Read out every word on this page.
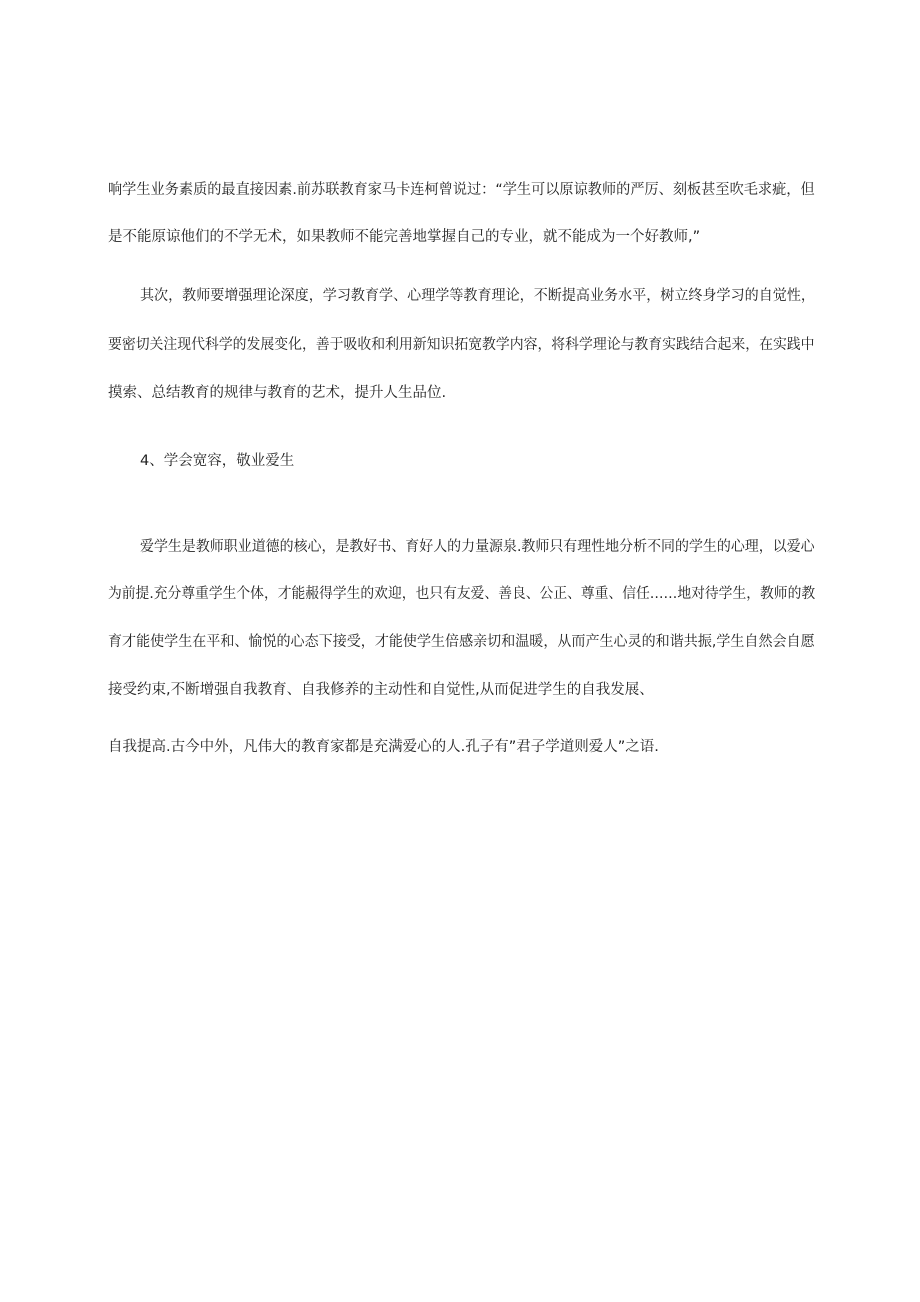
响学生业务素质的最直接因素.前苏联教育家马卡连柯曾说过：“学生可以原谅教师的严厉、刻板甚至吹毛求疵，但
是不能原谅他们的不学无术，如果教师不能完善地掌握自己的专业，就不能成为一个好教师,”
其次，教师要增强理论深度，学习教育学、心理学等教育理论，不断提高业务水平，树立终身学习的自觉性，
要密切关注现代科学的发展变化，善于吸收和利用新知识拓宽教学内容，将科学理论与教育实践结合起来，在实践中
摸索、总结教育的规律与教育的艺术，提升人生品位.
4、学会宽容，敬业爱生
爱学生是教师职业道德的核心，是教好书、育好人的力量源泉.教师只有理性地分析不同的学生的心理，以爱心
为前提.充分尊重学生个体，才能赧得学生的欢迎，也只有友爱、善良、公正、尊重、信任……地对待学生，教师的教
育才能使学生在平和、愉悦的心态下接受，才能使学生倍感亲切和温暖，从而产生心灵的和谐共振,学生自然会自愿
接受约束,不断增强自我教育、自我修养的主动性和自觉性,从而促进学生的自我发展、
自我提高.古今中外，凡伟大的教育家都是充满爱心的人.孔子有”君子学道则爱人”之语.
